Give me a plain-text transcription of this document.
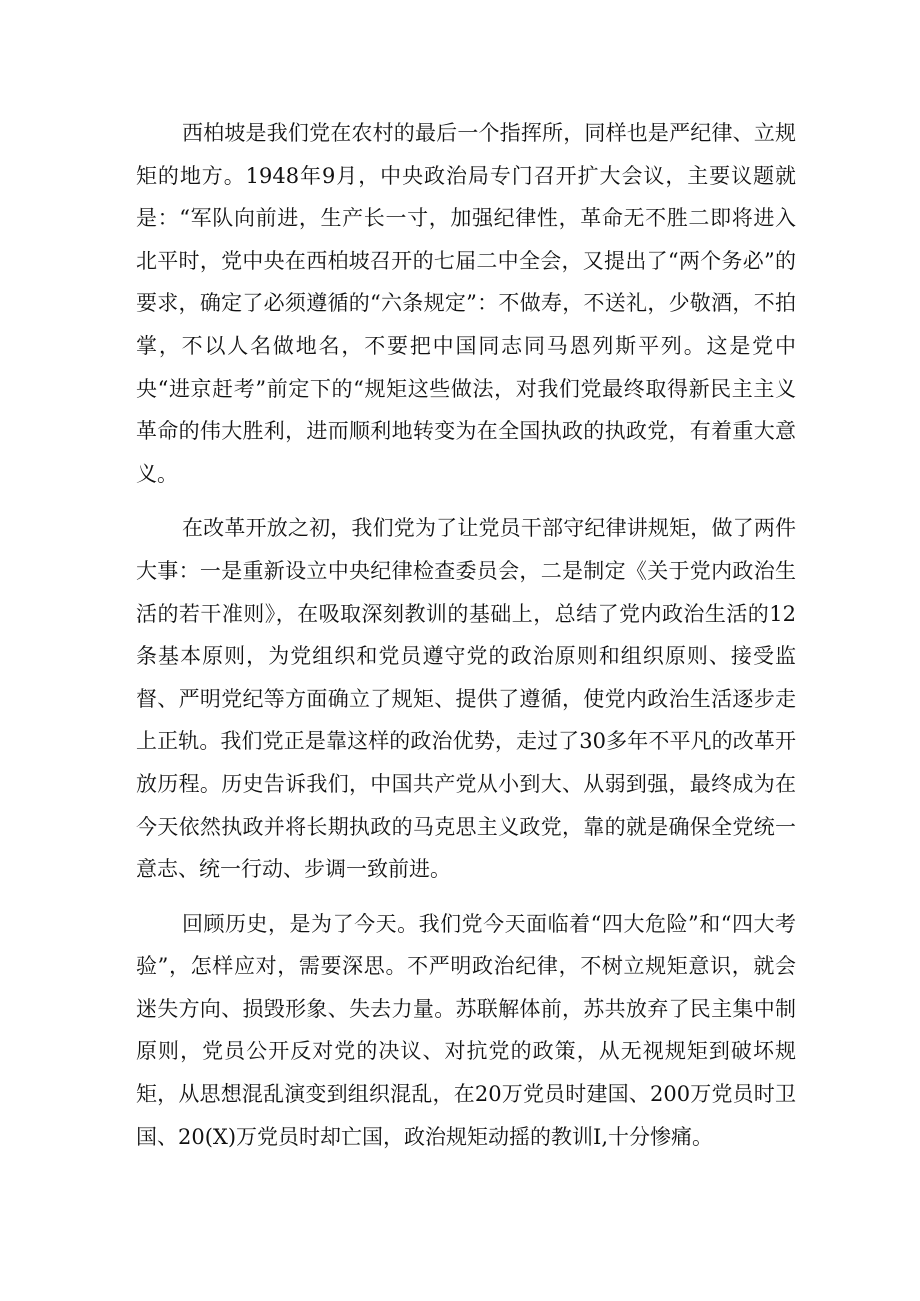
西柏坡是我们党在农村的最后一个指挥所，同样也是严纪律、立规矩的地方。1948年9月，中央政治局专门召开扩大会议，主要议题就是：“军队向前进，生产长一寸，加强纪律性，革命无不胜二即将进入北平时，党中央在西柏坡召开的七届二中全会，又提出了“两个务必”的要求，确定了必须遵循的“六条规定”：不做寿，不送礼，少敬酒，不拍掌，不以人名做地名，不要把中国同志同马恩列斯平列。这是党中央“进京赶考”前定下的“规矩这些做法，对我们党最终取得新民主主义革命的伟大胜利，进而顺利地转变为在全国执政的执政党，有着重大意义。

在改革开放之初，我们党为了让党员干部守纪律讲规矩，做了两件大事：一是重新设立中央纪律检查委员会，二是制定《关于党内政治生活的若干准则》，在吸取深刻教训的基础上，总结了党内政治生活的12条基本原则，为党组织和党员遵守党的政治原则和组织原则、接受监督、严明党纪等方面确立了规矩、提供了遵循，使党内政治生活逐步走上正轨。我们党正是靠这样的政治优势，走过了30多年不平凡的改革开放历程。历史告诉我们，中国共产党从小到大、从弱到强，最终成为在今天依然执政并将长期执政的马克思主义政党，靠的就是确保全党统一意志、统一行动、步调一致前进。

回顾历史，是为了今天。我们党今天面临着“四大危险”和“四大考验”，怎样应对，需要深思。不严明政治纪律，不树立规矩意识，就会迷失方向、损毁形象、失去力量。苏联解体前，苏共放弃了民主集中制原则，党员公开反对党的决议、对抗党的政策，从无视规矩到破坏规矩，从思想混乱演变到组织混乱，在20万党员时建国、200万党员时卫国、20(X)万党员时却亡国，政治规矩动摇的教训I,十分惨痛。
